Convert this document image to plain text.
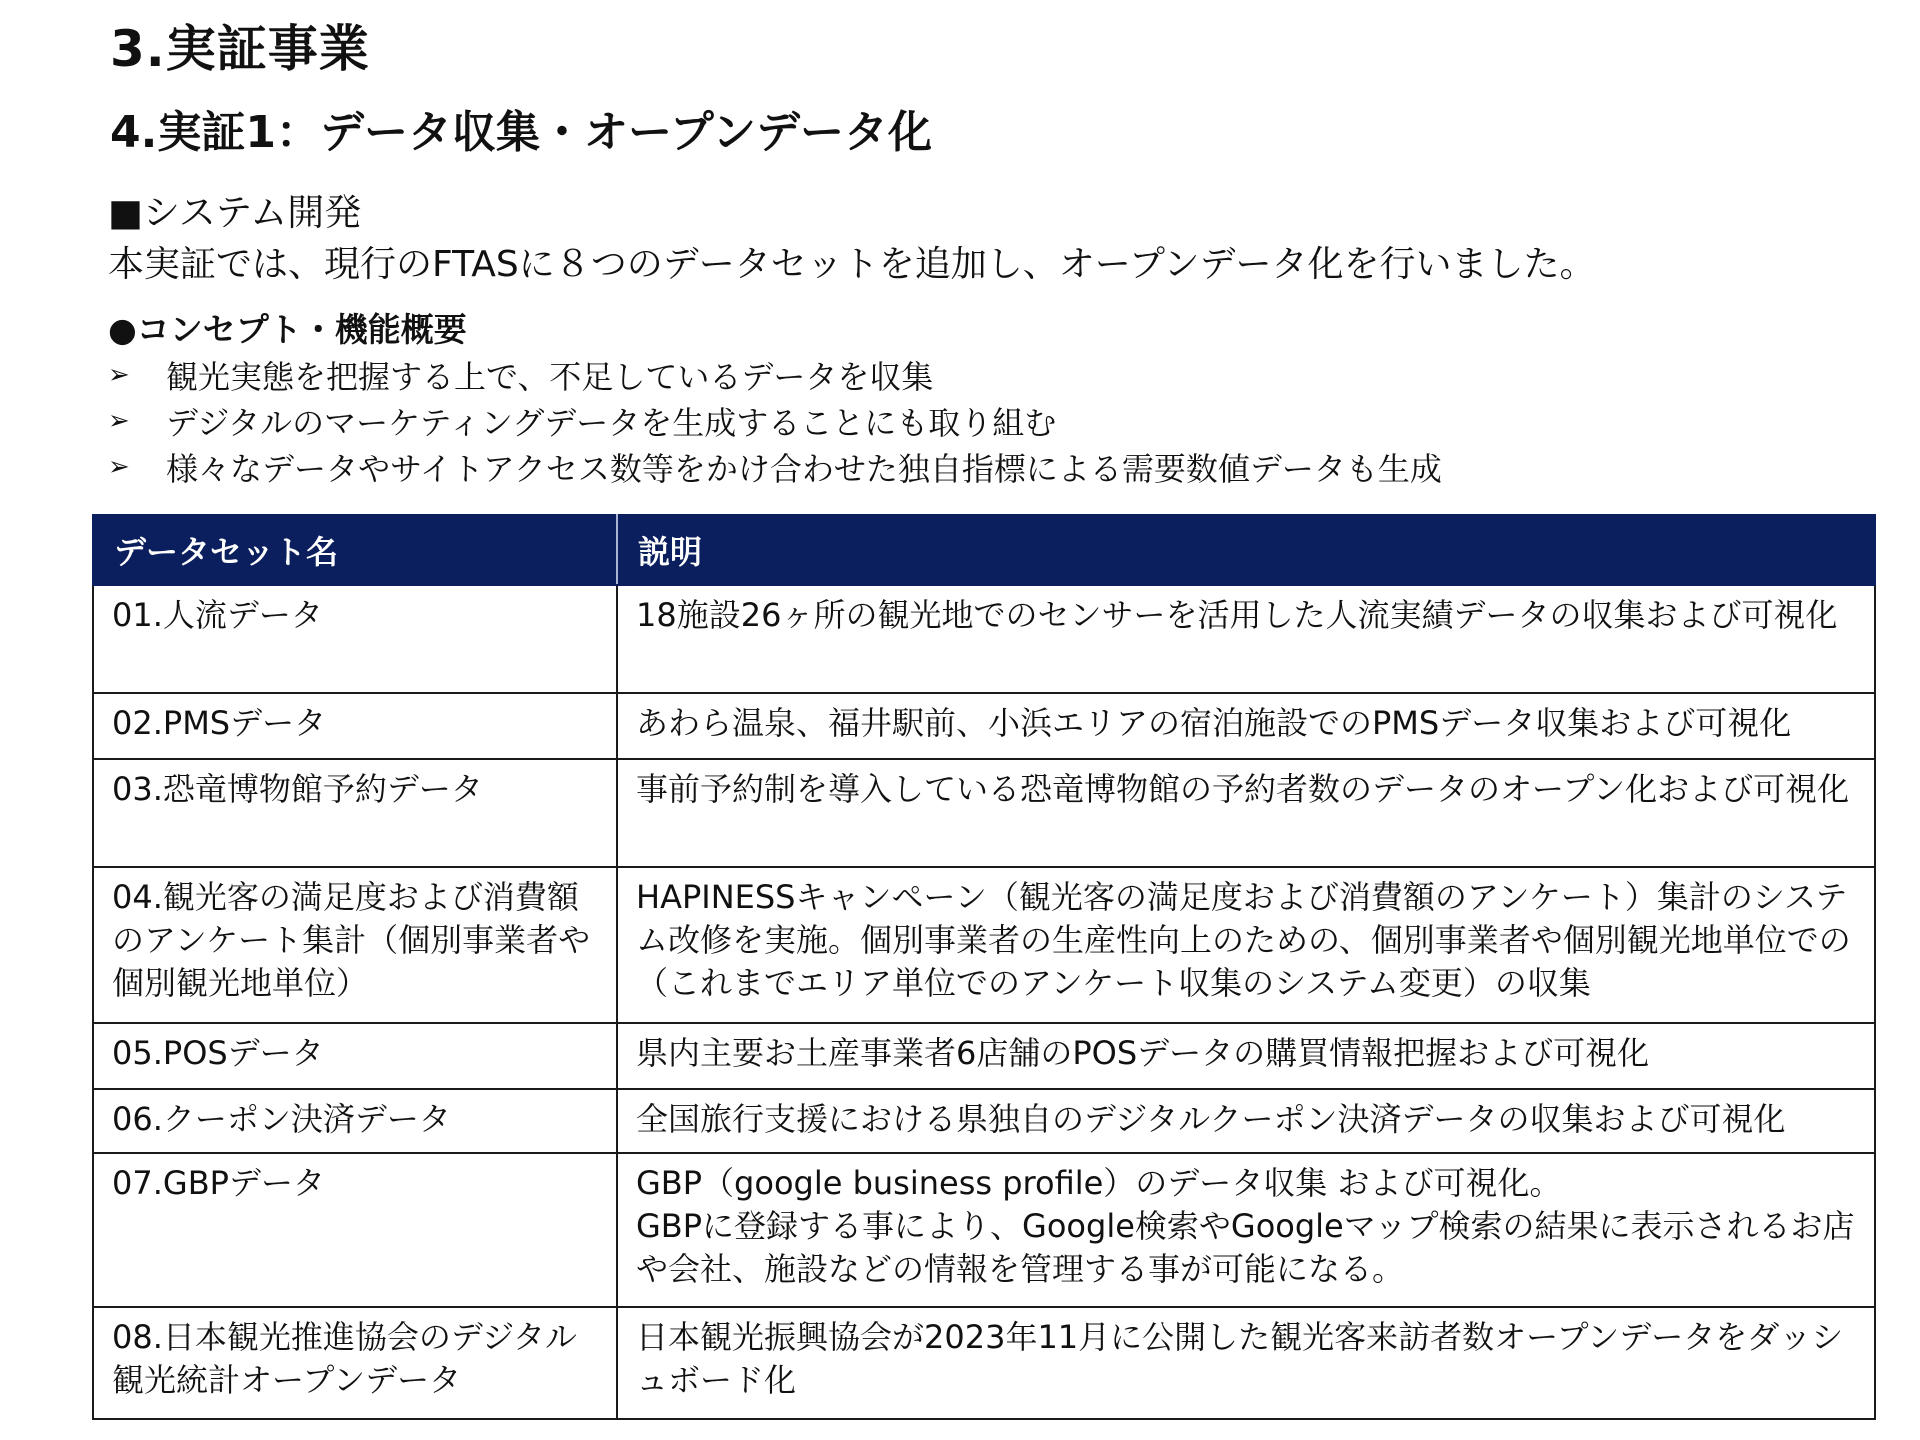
3.実証事業
4.実証1：データ収集・オープンデータ化
■システム開発
本実証では、現行のFTASに８つのデータセットを追加し、オープンデータ化を行いました。
●コンセプト・機能概要
➢	観光実態を把握する上で、不足しているデータを収集
➢	デジタルのマーケティングデータを生成することにも取り組む
➢	様々なデータやサイトアクセス数等をかけ合わせた独自指標による需要数値データも生成
データセット名	説明
01.人流データ	18施設26ヶ所の観光地でのセンサーを活用した人流実績データの収集および可視化
02.PMSデータ	あわら温泉、福井駅前、小浜エリアの宿泊施設でのPMSデータ収集および可視化
03.恐竜博物館予約データ	事前予約制を導入している恐竜博物館の予約者数のデータのオープン化および可視化
04.観光客の満足度および消費額のアンケート集計（個別事業者や個別観光地単位）	HAPINESSキャンペーン（観光客の満足度および消費額のアンケート）集計のシステム改修を実施。個別事業者の生産性向上のための、個別事業者や個別観光地単位での（これまでエリア単位でのアンケート収集のシステム変更）の収集
05.POSデータ	県内主要お土産事業者6店舗のPOSデータの購買情報把握および可視化
06.クーポン決済データ	全国旅行支援における県独自のデジタルクーポン決済データの収集および可視化
07.GBPデータ	GBP（google business profile）のデータ収集 および可視化。
GBPに登録する事により、Google検索やGoogleマップ検索の結果に表示されるお店や会社、施設などの情報を管理する事が可能になる。
08.日本観光推進協会のデジタル　観光統計オープンデータ	日本観光振興協会が2023年11月に公開した観光客来訪者数オープンデータをダッシュボード化
